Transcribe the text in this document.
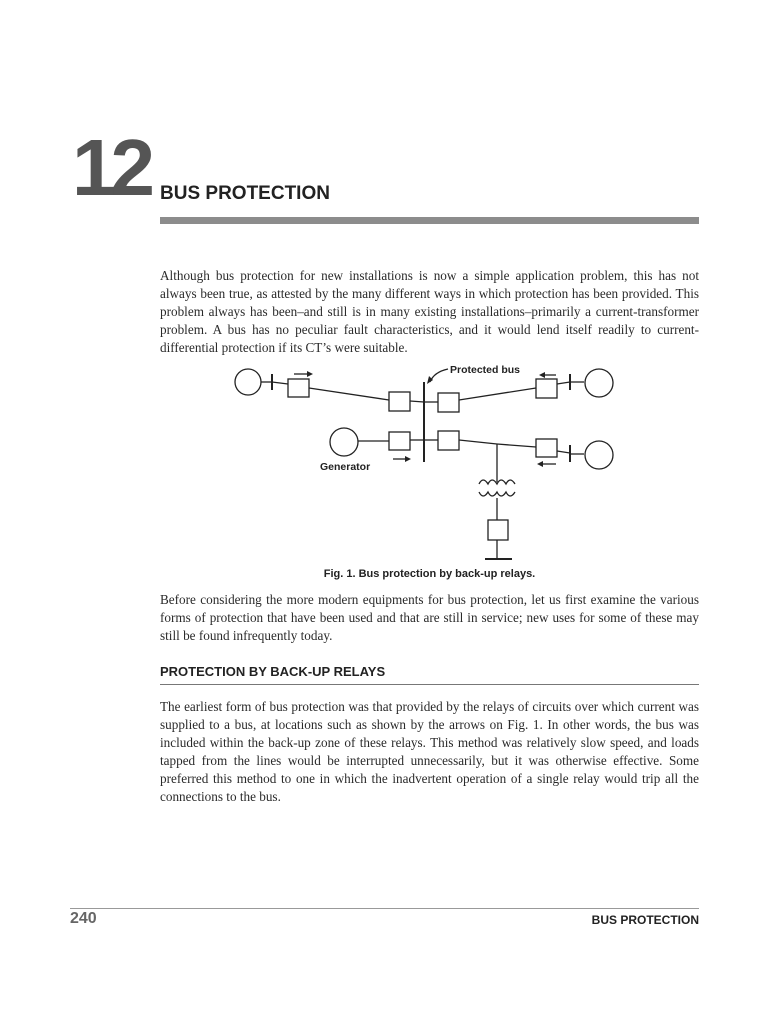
12 BUS PROTECTION

Although bus protection for new installations is now a simple application problem, this has not always been true, as attested by the many different ways in which protection has been provided. This problem always has been–and still is in many existing installations–primarily a current-transformer problem. A bus has no peculiar fault characteristics, and it would lend itself readily to current-differential protection if its CT’s were suitable.

Protected bus
Generator
Fig. 1. Bus protection by back-up relays.

Before considering the more modern equipments for bus protection, let us first examine the various forms of protection that have been used and that are still in service; new uses for some of these may still be found infrequently today.

PROTECTION BY BACK-UP RELAYS

The earliest form of bus protection was that provided by the relays of circuits over which current was supplied to a bus, at locations such as shown by the arrows on Fig. 1. In other words, the bus was included within the back-up zone of these relays. This method was relatively slow speed, and loads tapped from the lines would be interrupted unnecessarily, but it was otherwise effective. Some preferred this method to one in which the inadvertent operation of a single relay would trip all the connections to the bus.

240	BUS PROTECTION
